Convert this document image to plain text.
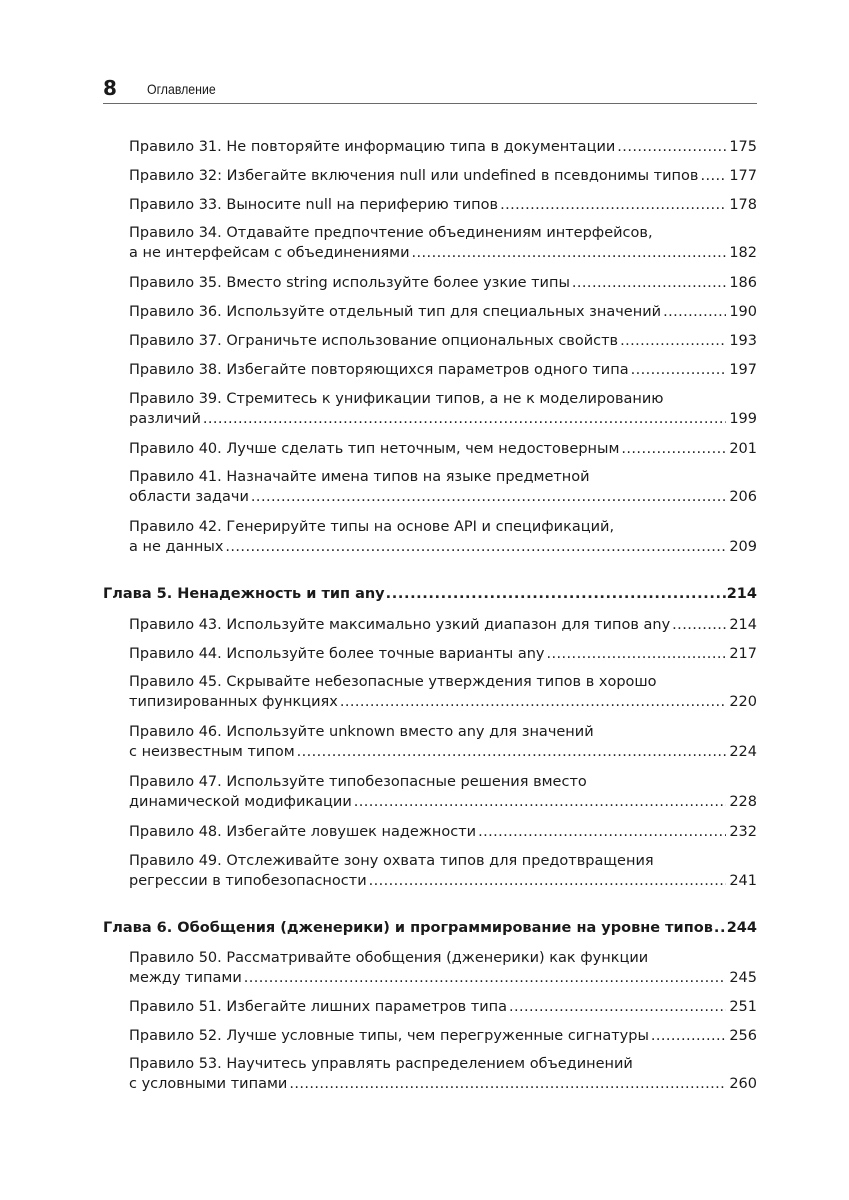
8 Оглавление
Правило 31. Не повторяйте информацию типа в документации .....	175
Правило 32: Избегайте включения null или undefined в псевдонимы типов ..... 177
Правило 33. Выносите null на периферию типов .....	178
Правило 34. Отдавайте предпочтение объединениям интерфейсов,
а не интерфейсам с объединениями .....	182
Правило 35. Вместо string используйте более узкие типы .....	186
Правило 36. Используйте отдельный тип для специальных значений .....	190
Правило 37. Ограничьте использование опциональных свойств .....	193
Правило 38. Избегайте повторяющихся параметров одного типа .....	197
Правило 39. Стремитесь к унификации типов, а не к моделированию
различий .....	199
Правило 40. Лучше сделать тип неточным, чем недостоверным .....	201
Правило 41. Назначайте имена типов на языке предметной
области задачи .....	206
Правило 42. Генерируйте типы на основе API и спецификаций,
а не данных .....	209
Глава 5. Ненадежность и тип any .....	214
Правило 43. Используйте максимально узкий диапазон для типов any .....	214
Правило 44. Используйте более точные варианты any .....	217
Правило 45. Скрывайте небезопасные утверждения типов в хорошо
типизированных функциях .....	220
Правило 46. Используйте unknown вместо any для значений
с неизвестным типом .....	224
Правило 47. Используйте типобезопасные решения вместо
динамической модификации .....	228
Правило 48. Избегайте ловушек надежности .....	232
Правило 49. Отслеживайте зону охвата типов для предотвращения
регрессии в типобезопасности .....	241
Глава 6. Обобщения (дженерики) и программирование на уровне типов ..... 244
Правило 50. Рассматривайте обобщения (дженерики) как функции
между типами .....	245
Правило 51. Избегайте лишних параметров типа .....	251
Правило 52. Лучше условные типы, чем перегруженные сигнатуры .....	256
Правило 53. Научитесь управлять распределением объединений
с условными типами .....	260
